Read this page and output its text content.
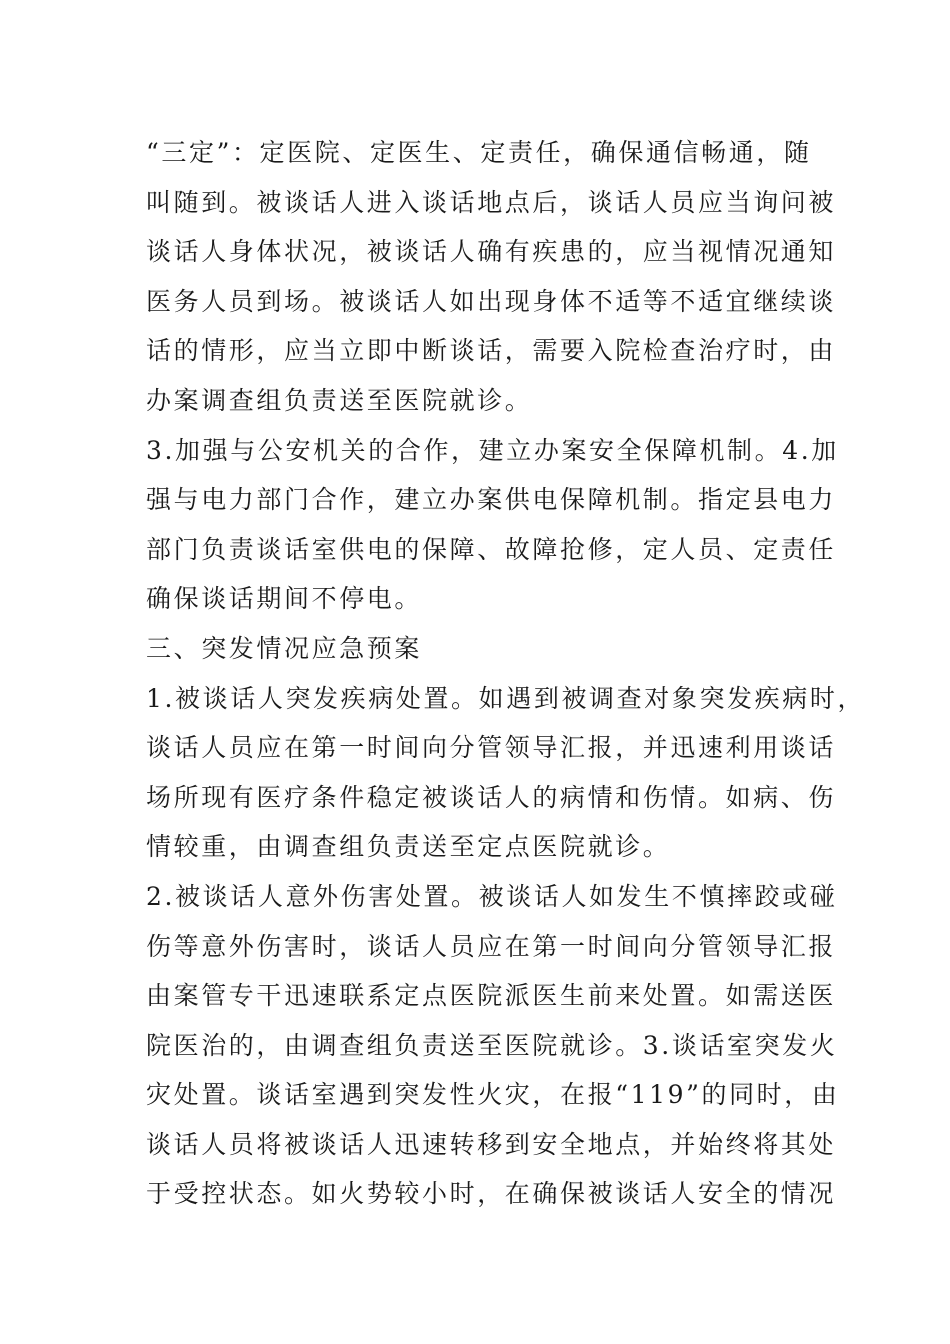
“三定”：定医院、定医生、定责任，确保通信畅通，随
叫随到。被谈话人进入谈话地点后，谈话人员应当询问被
谈话人身体状况，被谈话人确有疾患的，应当视情况通知
医务人员到场。被谈话人如出现身体不适等不适宜继续谈
话的情形，应当立即中断谈话，需要入院检查治疗时，由
办案调查组负责送至医院就诊。
3.加强与公安机关的合作，建立办案安全保障机制。4.加
强与电力部门合作，建立办案供电保障机制。指定县电力
部门负责谈话室供电的保障、故障抢修，定人员、定责任
确保谈话期间不停电。
三、突发情况应急预案
1.被谈话人突发疾病处置。如遇到被调查对象突发疾病时，
谈话人员应在第一时间向分管领导汇报，并迅速利用谈话
场所现有医疗条件稳定被谈话人的病情和伤情。如病、伤
情较重，由调查组负责送至定点医院就诊。
2.被谈话人意外伤害处置。被谈话人如发生不慎摔跤或碰
伤等意外伤害时，谈话人员应在第一时间向分管领导汇报
由案管专干迅速联系定点医院派医生前来处置。如需送医
院医治的，由调查组负责送至医院就诊。3.谈话室突发火
灾处置。谈话室遇到突发性火灾，在报“119”的同时，由
谈话人员将被谈话人迅速转移到安全地点，并始终将其处
于受控状态。如火势较小时，在确保被谈话人安全的情况
